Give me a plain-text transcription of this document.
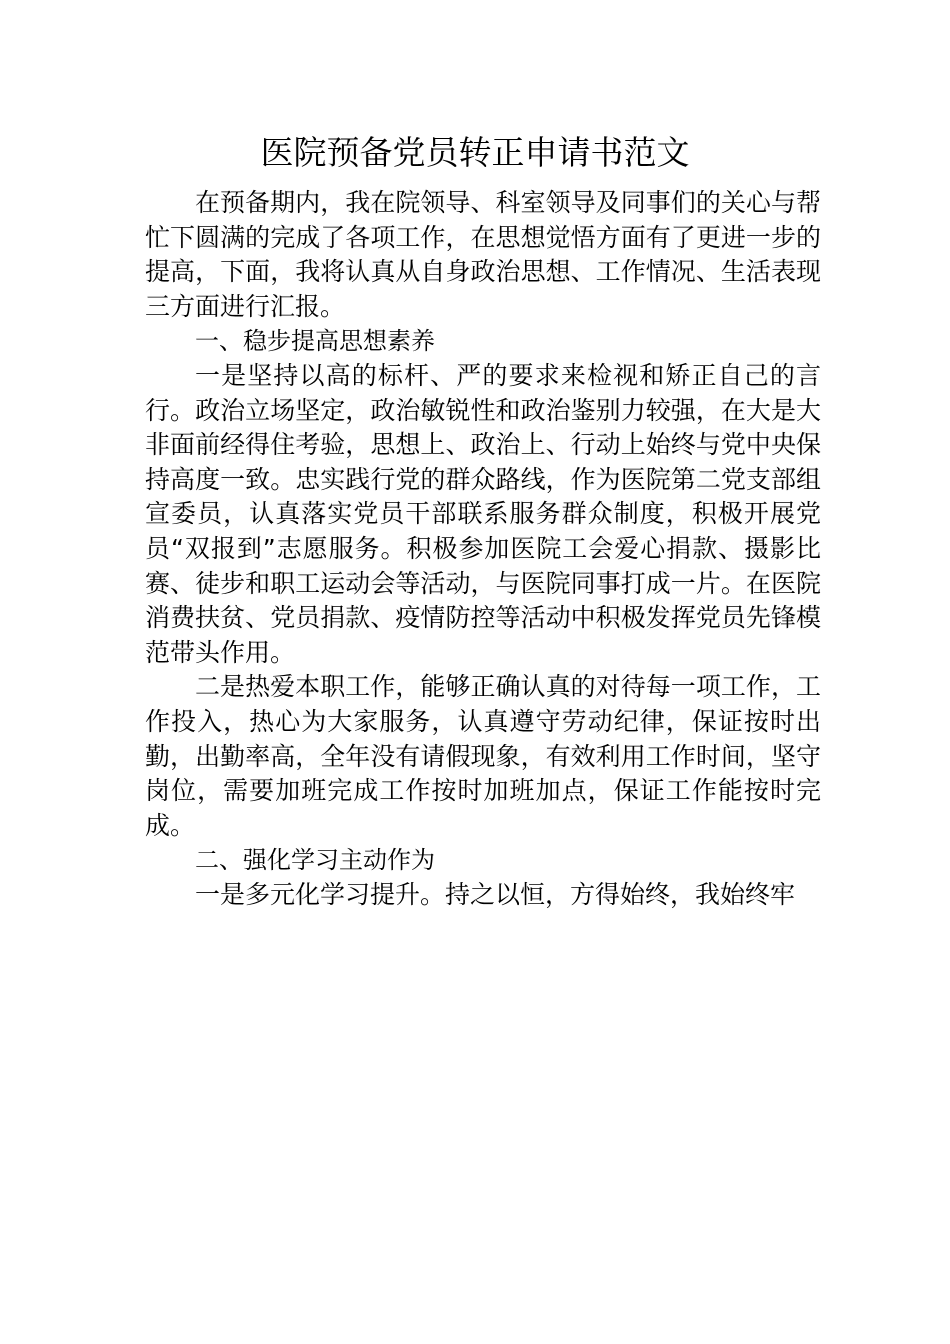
医院预备党员转正申请书范文

在预备期内，我在院领导、科室领导及同事们的关心与帮忙下圆满的完成了各项工作，在思想觉悟方面有了更进一步的提高，下面，我将认真从自身政治思想、工作情况、生活表现三方面进行汇报。

一、稳步提高思想素养

一是坚持以高的标杆、严的要求来检视和矫正自己的言行。政治立场坚定，政治敏锐性和政治鉴别力较强，在大是大非面前经得住考验，思想上、政治上、行动上始终与党中央保持高度一致。忠实践行党的群众路线，作为医院第二党支部组宣委员，认真落实党员干部联系服务群众制度，积极开展党员“双报到”志愿服务。积极参加医院工会爱心捐款、摄影比赛、徒步和职工运动会等活动，与医院同事打成一片。在医院消费扶贫、党员捐款、疫情防控等活动中积极发挥党员先锋模范带头作用。

二是热爱本职工作，能够正确认真的对待每一项工作，工作投入，热心为大家服务，认真遵守劳动纪律，保证按时出勤，出勤率高，全年没有请假现象，有效利用工作时间，坚守岗位，需要加班完成工作按时加班加点，保证工作能按时完成。

二、强化学习主动作为

一是多元化学习提升。持之以恒，方得始终，我始终牢
